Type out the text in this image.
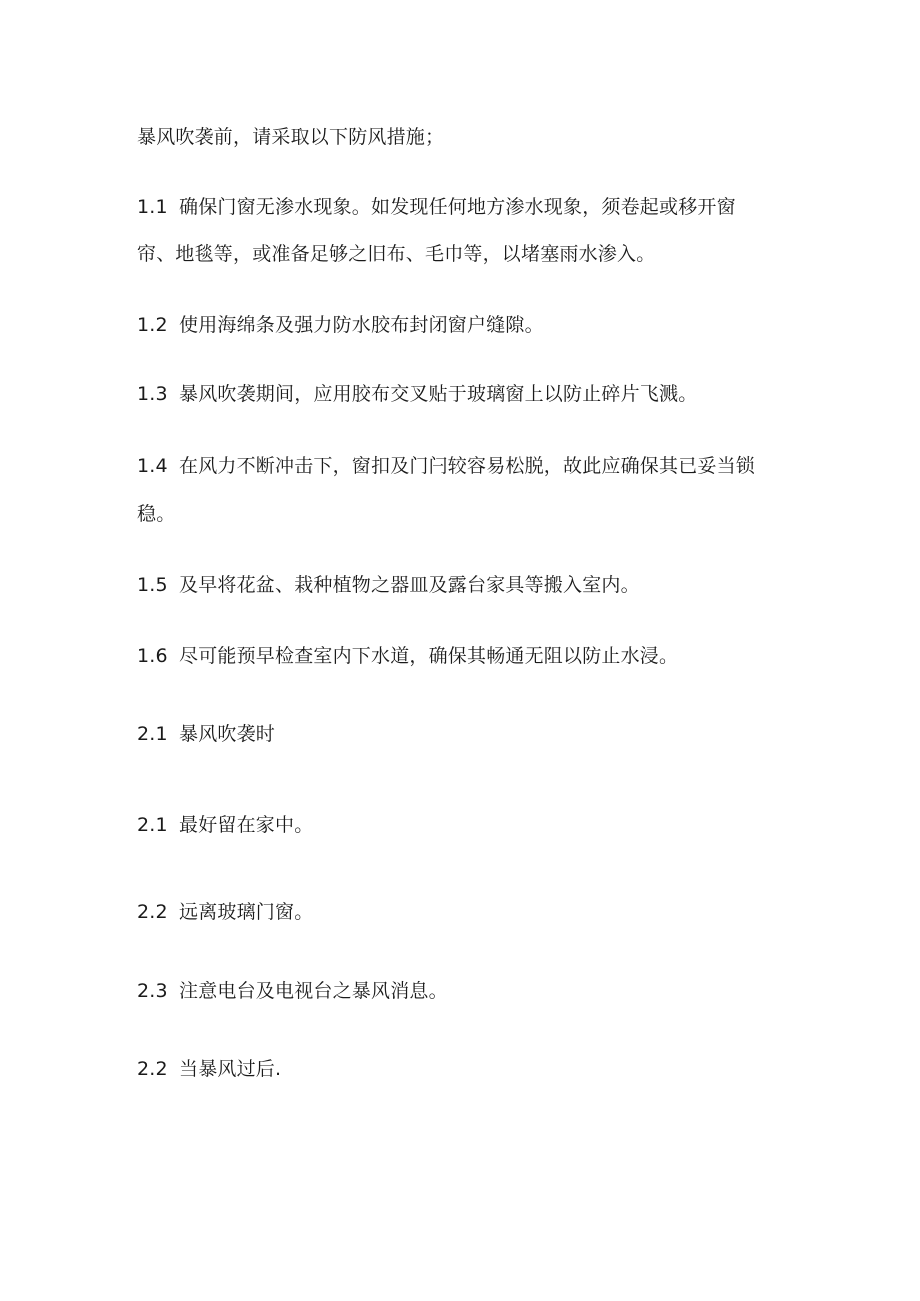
暴风吹袭前，请采取以下防风措施；
1.1 确保门窗无渗水现象。如发现任何地方渗水现象，须卷起或移开窗
帘、地毯等，或准备足够之旧布、毛巾等，以堵塞雨水渗入。
1.2 使用海绵条及强力防水胶布封闭窗户缝隙。
1.3 暴风吹袭期间，应用胶布交叉贴于玻璃窗上以防止碎片飞溅。
1.4 在风力不断冲击下，窗扣及门闩较容易松脱，故此应确保其已妥当锁
稳。
1.5 及早将花盆、栽种植物之器皿及露台家具等搬入室内。
1.6 尽可能预早检查室内下水道，确保其畅通无阻以防止水浸。
2.1 暴风吹袭时
2.1 最好留在家中。
2.2 远离玻璃门窗。
2.3 注意电台及电视台之暴风消息。
2.2 当暴风过后.
